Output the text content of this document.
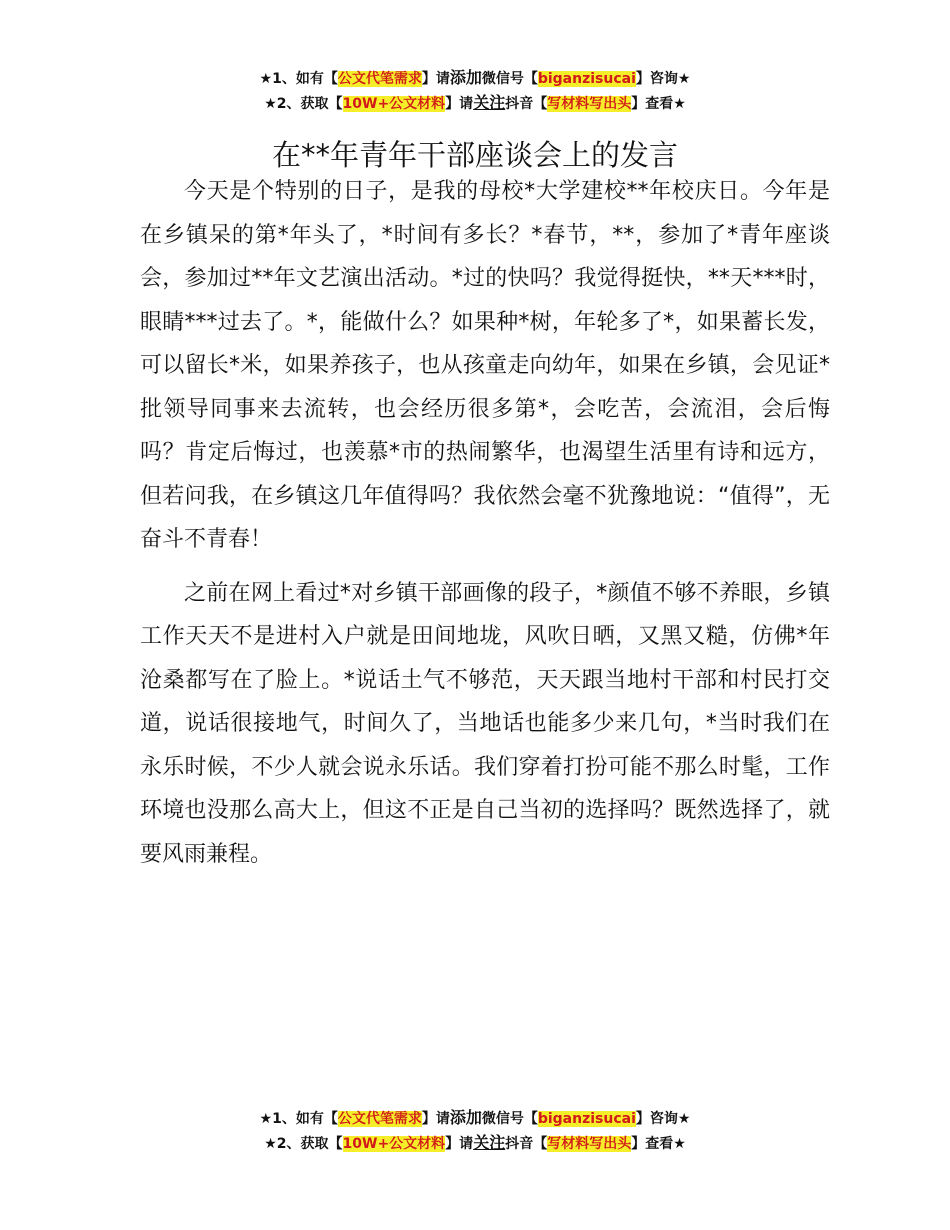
★1、如有【公文代笔需求】请添加微信号【biganzisucai】咨询★
★2、获取【10W+公文材料】请关注抖音【写材料写出头】查看★
在**年青年干部座谈会上的发言

今天是个特别的日子，是我的母校*大学建校**年校庆日。今年是在乡镇呆的第*年头了，*时间有多长？*春节，**，参加了*青年座谈会，参加过**年文艺演出活动。*过的快吗？我觉得挺快，**天***时，眼睛***过去了。*，能做什么？如果种*树，年轮多了*，如果蓄长发，可以留长*米，如果养孩子，也从孩童走向幼年，如果在乡镇，会见证*批领导同事来去流转，也会经历很多第*，会吃苦，会流泪，会后悔吗？肯定后悔过，也羡慕*市的热闹繁华，也渴望生活里有诗和远方，但若问我，在乡镇这几年值得吗？我依然会毫不犹豫地说：“值得”，无奋斗不青春！

之前在网上看过*对乡镇干部画像的段子，*颜值不够不养眼，乡镇工作天天不是进村入户就是田间地垅，风吹日晒，又黑又糙，仿佛*年沧桑都写在了脸上。*说话土气不够范，天天跟当地村干部和村民打交道，说话很接地气，时间久了，当地话也能多少来几句，*当时我们在永乐时候，不少人就会说永乐话。我们穿着打扮可能不那么时髦，工作环境也没那么高大上，但这不正是自己当初的选择吗？既然选择了，就要风雨兼程。

★1、如有【公文代笔需求】请添加微信号【biganzisucai】咨询★
★2、获取【10W+公文材料】请关注抖音【写材料写出头】查看★
